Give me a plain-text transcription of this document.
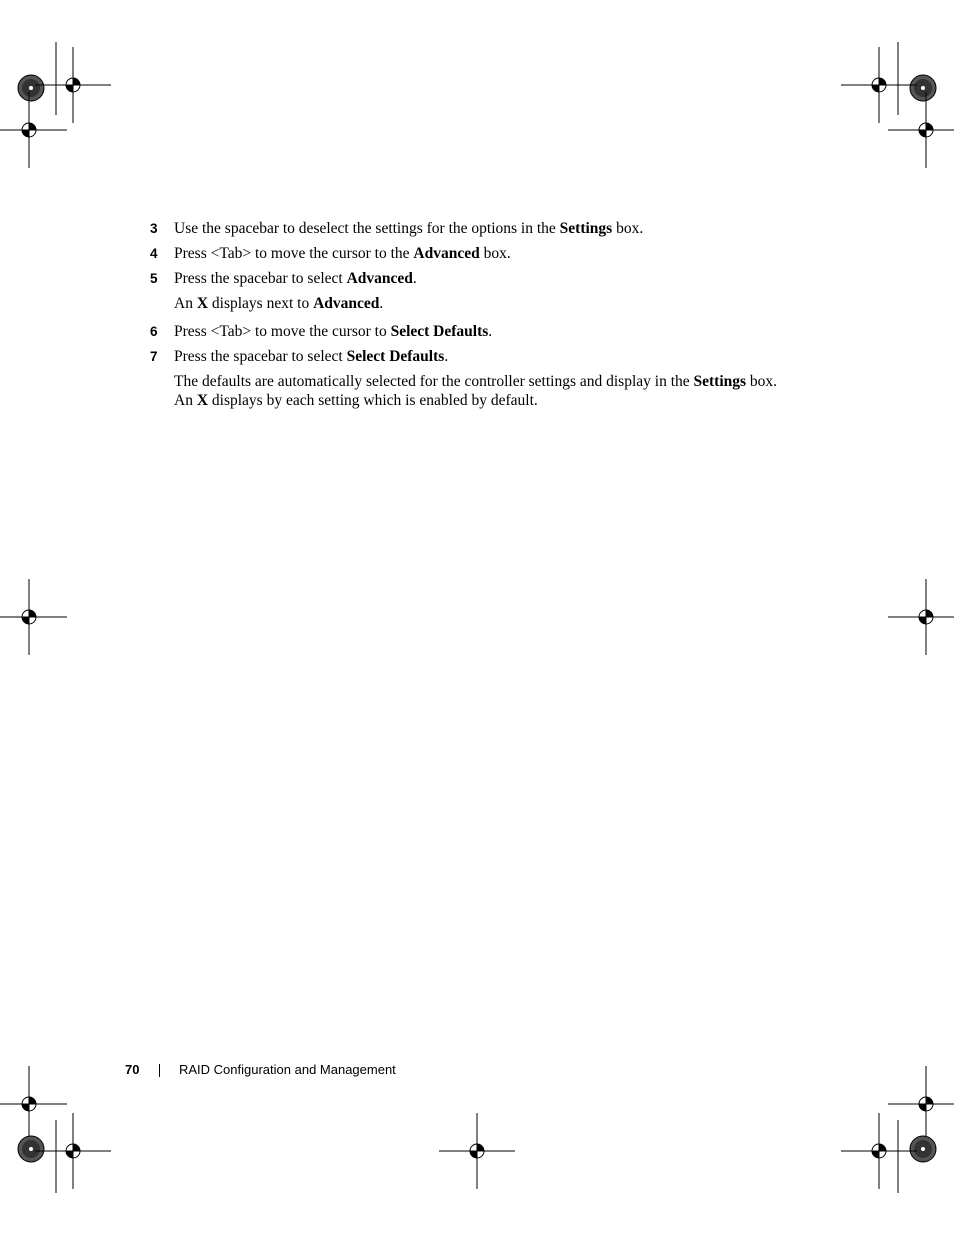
3	Use the spacebar to deselect the settings for the options in the Settings box.
4	Press <Tab> to move the cursor to the Advanced box.
5	Press the spacebar to select Advanced.
An X displays next to Advanced.
6	Press <Tab> to move the cursor to Select Defaults.
7	Press the spacebar to select Select Defaults.
The defaults are automatically selected for the controller settings and display in the Settings box.
An X displays by each setting which is enabled by default.
70	RAID Configuration and Management
